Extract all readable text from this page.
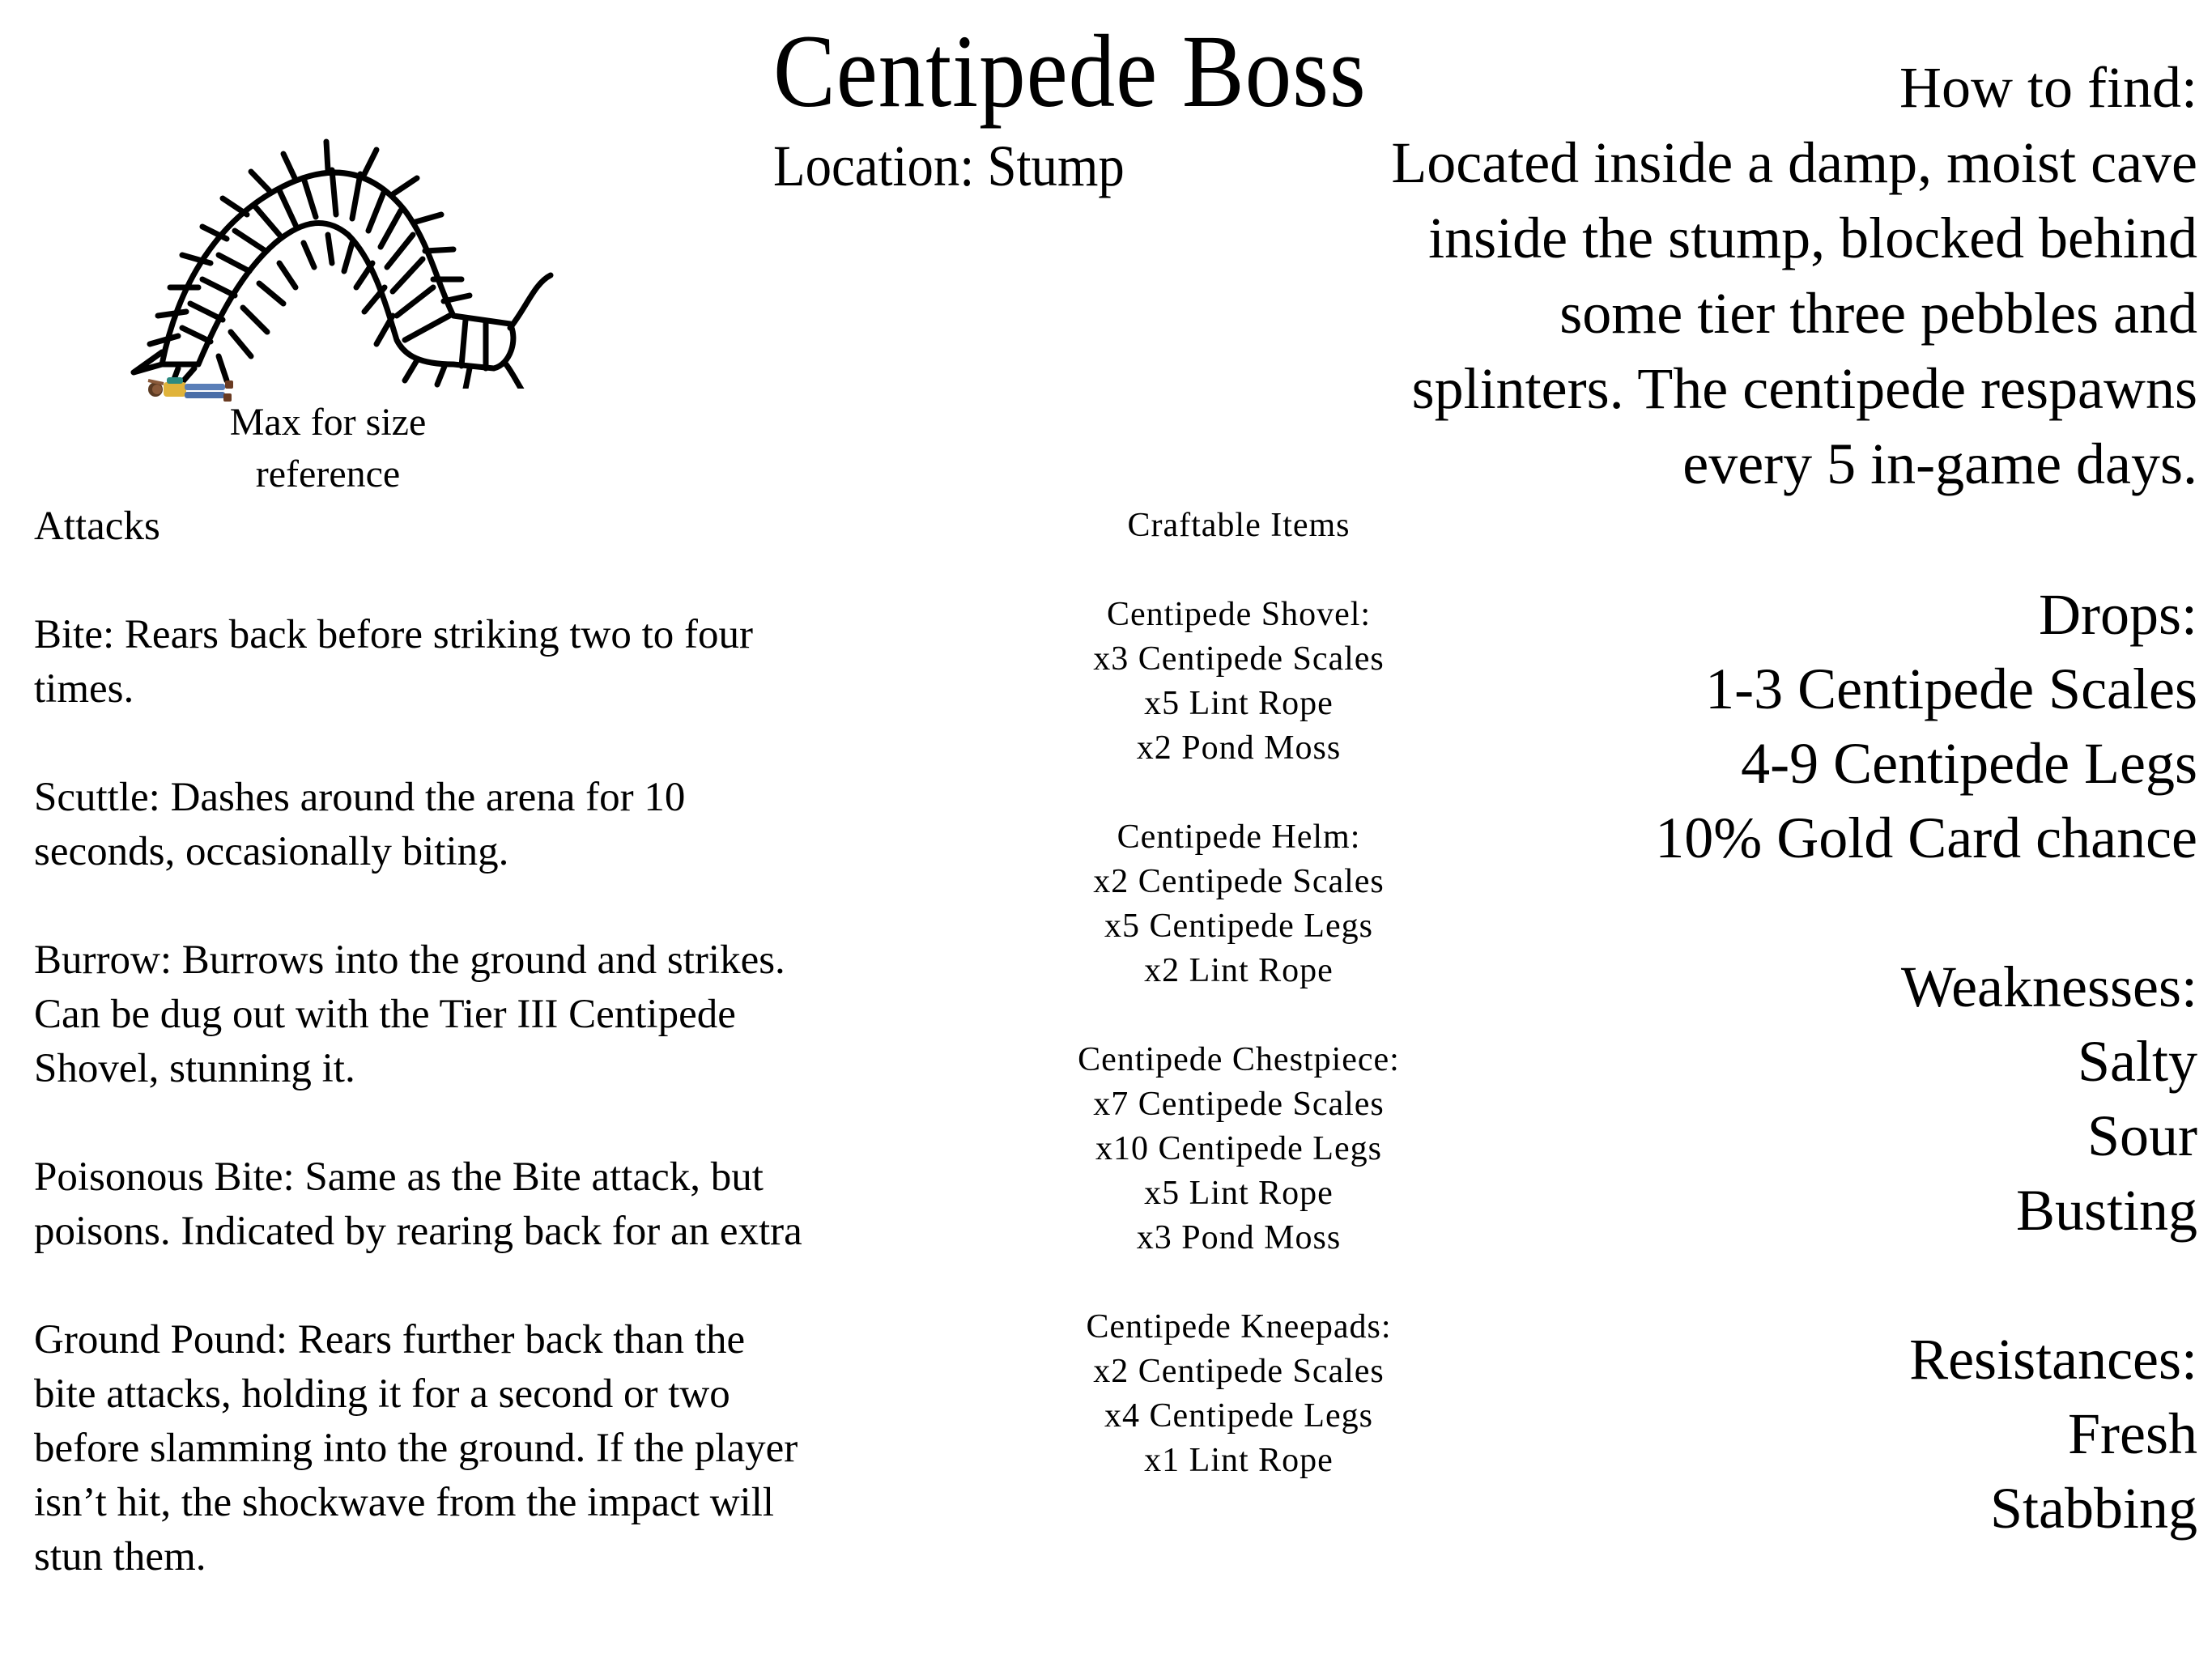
Centipede Boss
Location: Stump
How to find:
Located inside a damp, moist cave
inside the stump, blocked behind
some tier three pebbles and
splinters. The centipede respawns
every 5 in-game days.
Max for size
reference
Attacks
Bite: Rears back before striking two to four
times.
Scuttle: Dashes around the arena for 10
seconds, occasionally biting.
Burrow: Burrows into the ground and strikes.
Can be dug out with the Tier III Centipede
Shovel, stunning it.
Poisonous Bite: Same as the Bite attack, but
poisons. Indicated by rearing back for an extra
Ground Pound: Rears further back than the
bite attacks, holding it for a second or two
before slamming into the ground. If the player
isn’t hit, the shockwave from the impact will
stun them.
Craftable Items
Centipede Shovel:
x3 Centipede Scales
x5 Lint Rope
x2 Pond Moss
Centipede Helm:
x2 Centipede Scales
x5 Centipede Legs
x2 Lint Rope
Centipede Chestpiece:
x7 Centipede Scales
x10 Centipede Legs
x5 Lint Rope
x3 Pond Moss
Centipede Kneepads:
x2 Centipede Scales
x4 Centipede Legs
x1 Lint Rope
Drops:
1-3 Centipede Scales
4-9 Centipede Legs
10% Gold Card chance
Weaknesses:
Salty
Sour
Busting
Resistances:
Fresh
Stabbing
